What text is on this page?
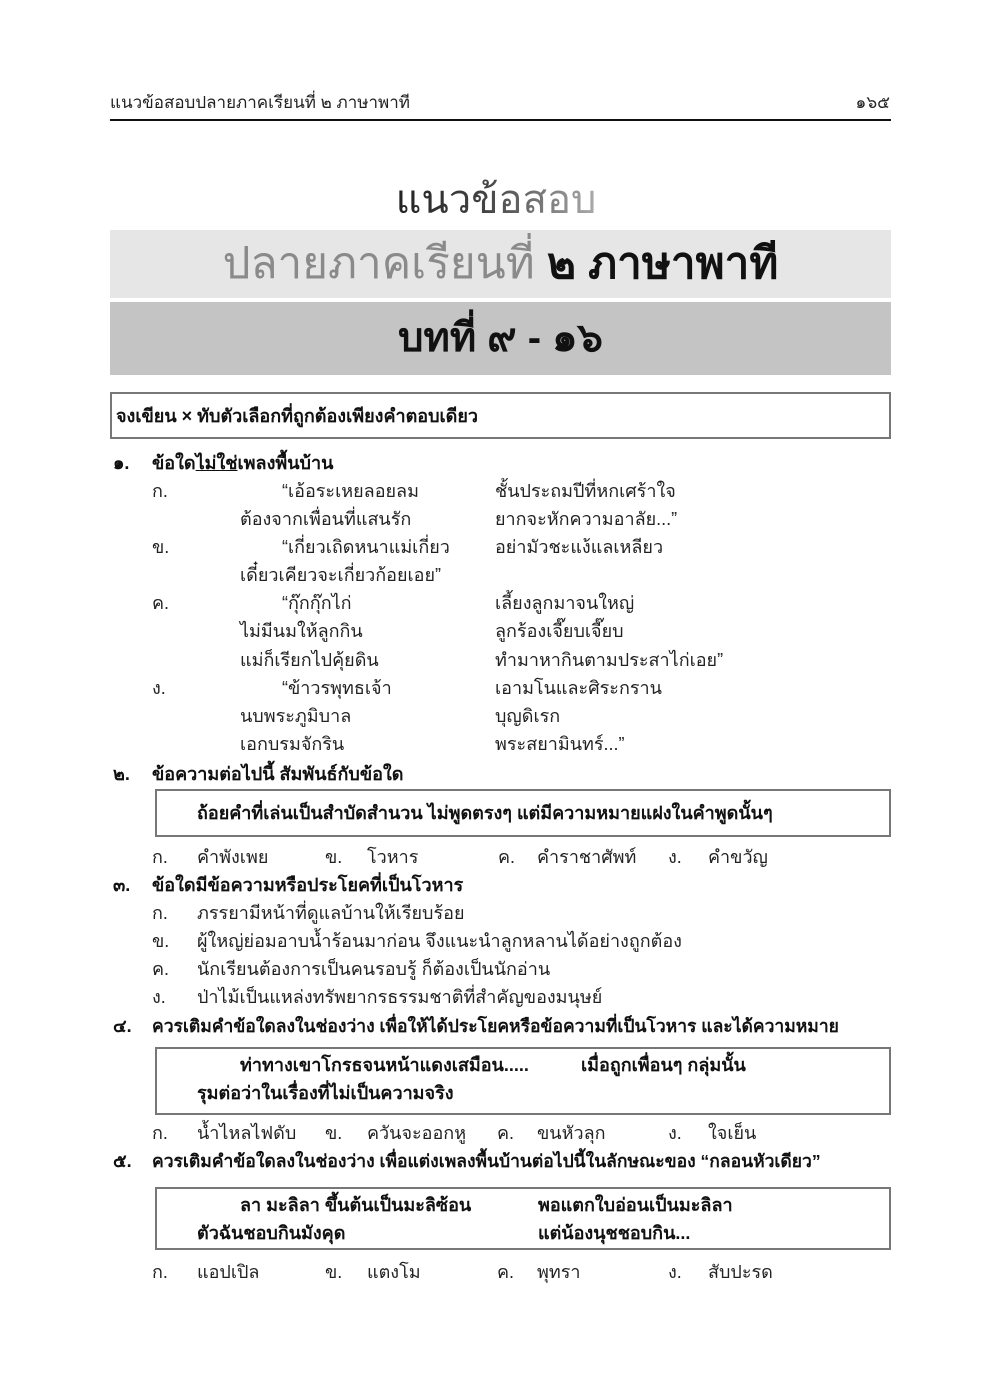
แนวข้อสอบปลายภาคเรียนที่ ๒ ภาษาพาที	๑๖๕
แนวข้อสอบ
ปลายภาคเรียนที่ ๒ ภาษาพาที
บทที่ ๙ - ๑๖
จงเขียน × ทับตัวเลือกที่ถูกต้องเพียงคำตอบเดียว
๑. ข้อใดไม่ใช่เพลงพื้นบ้าน
ก.	“เอ้อระเหยลอยลม	ชั้นประถมปีที่หกเศร้าใจ
ต้องจากเพื่อนที่แสนรัก	ยากจะหักความอาลัย...”
ข.	“เกี่ยวเถิดหนาแม่เกี่ยว	อย่ามัวชะแง้แลเหลียว
เดี๋ยวเคียวจะเกี่ยวก้อยเอย”
ค.	“กุ๊กกุ๊กไก่	เลี้ยงลูกมาจนใหญ่
ไม่มีนมให้ลูกกิน	ลูกร้องเจี๊ยบเจี๊ยบ
แม่ก็เรียกไปคุ้ยดิน	ทำมาหากินตามประสาไก่เอย”
ง.	“ข้าวรพุทธเจ้า	เอามโนและศิระกราน
นบพระภูมิบาล	บุญดิเรก
เอกบรมจักริน	พระสยามินทร์...”
๒. ข้อความต่อไปนี้ สัมพันธ์กับข้อใด
ถ้อยคำที่เล่นเป็นสำบัดสำนวน ไม่พูดตรงๆ แต่มีความหมายแฝงในคำพูดนั้นๆ
ก. คำพังเพย	ข. โวหาร	ค. คำราชาศัพท์ ง. คำขวัญ
๓. ข้อใดมีข้อความหรือประโยคที่เป็นโวหาร
ก. ภรรยามีหน้าที่ดูแลบ้านให้เรียบร้อย
ข. ผู้ใหญ่ย่อมอาบน้ำร้อนมาก่อน จึงแนะนำลูกหลานได้อย่างถูกต้อง
ค. นักเรียนต้องการเป็นคนรอบรู้ ก็ต้องเป็นนักอ่าน
ง. ป่าไม้เป็นแหล่งทรัพยากรธรรมชาติที่สำคัญของมนุษย์
๔. ควรเติมคำข้อใดลงในช่องว่าง เพื่อให้ได้ประโยคหรือข้อความที่เป็นโวหาร และได้ความหมาย
ท่าทางเขาโกรธจนหน้าแดงเสมือน.....	เมื่อถูกเพื่อนๆ กลุ่มนั้น
รุมต่อว่าในเรื่องที่ไม่เป็นความจริง
ก. น้ำไหลไฟดับ ข. ควันจะออกหู ค. ขนหัวลุก	ง. ใจเย็น
๕. ควรเติมคำข้อใดลงในช่องว่าง เพื่อแต่งเพลงพื้นบ้านต่อไปนี้ในลักษณะของ “กลอนหัวเดียว”
ลา มะลิลา ขึ้นต้นเป็นมะลิซ้อน	พอแตกใบอ่อนเป็นมะลิลา
ตัวฉันชอบกินมังคุด	แต่น้องนุชชอบกิน...
ก. แอปเปิล	ข. แตงโม	ค. พุทรา	ง. สับปะรด
